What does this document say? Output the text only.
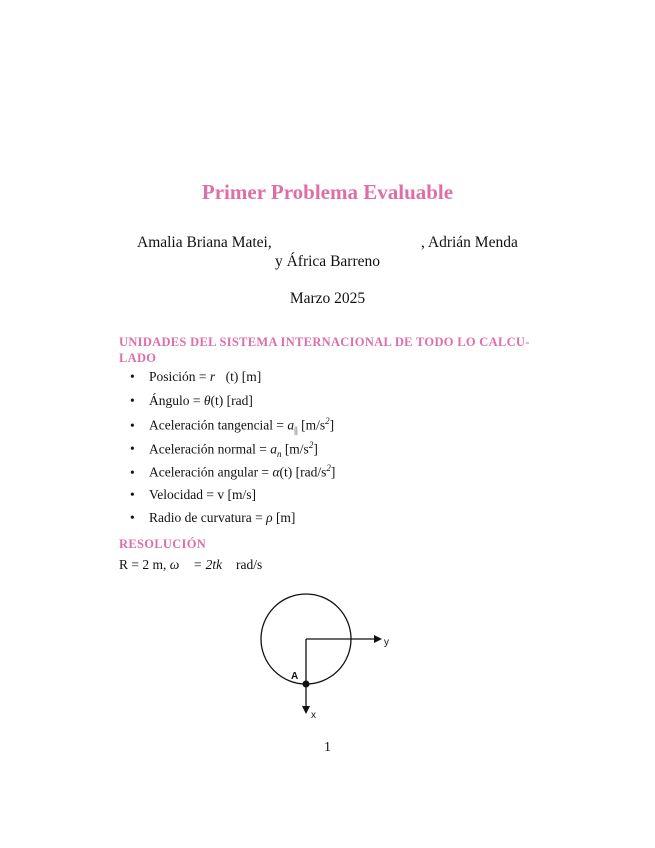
Primer Problema Evaluable
Amalia Briana Matei,	, Adrián Menda
y África Barreno
Marzo 2025
UNIDADES DEL SISTEMA INTERNACIONAL DE TODO LO CALCU-
LADO
• Posición = r⃗(t) [m]
• Ángulo = θ(t) [rad]
• Aceleración tangencial = $a_{||}$ $[m/s^2]$
• Aceleración normal = $a_n$ $[m/s^2]$
• Aceleración angular = α(t) $[rad/s^2]$
• Velocidad = v [m/s]
• Radio de curvatura = ρ [m]
RESOLUCIÓN
R = 2 m, ω⃗ = 2tk⃗ rad/s
A
y
x
1
